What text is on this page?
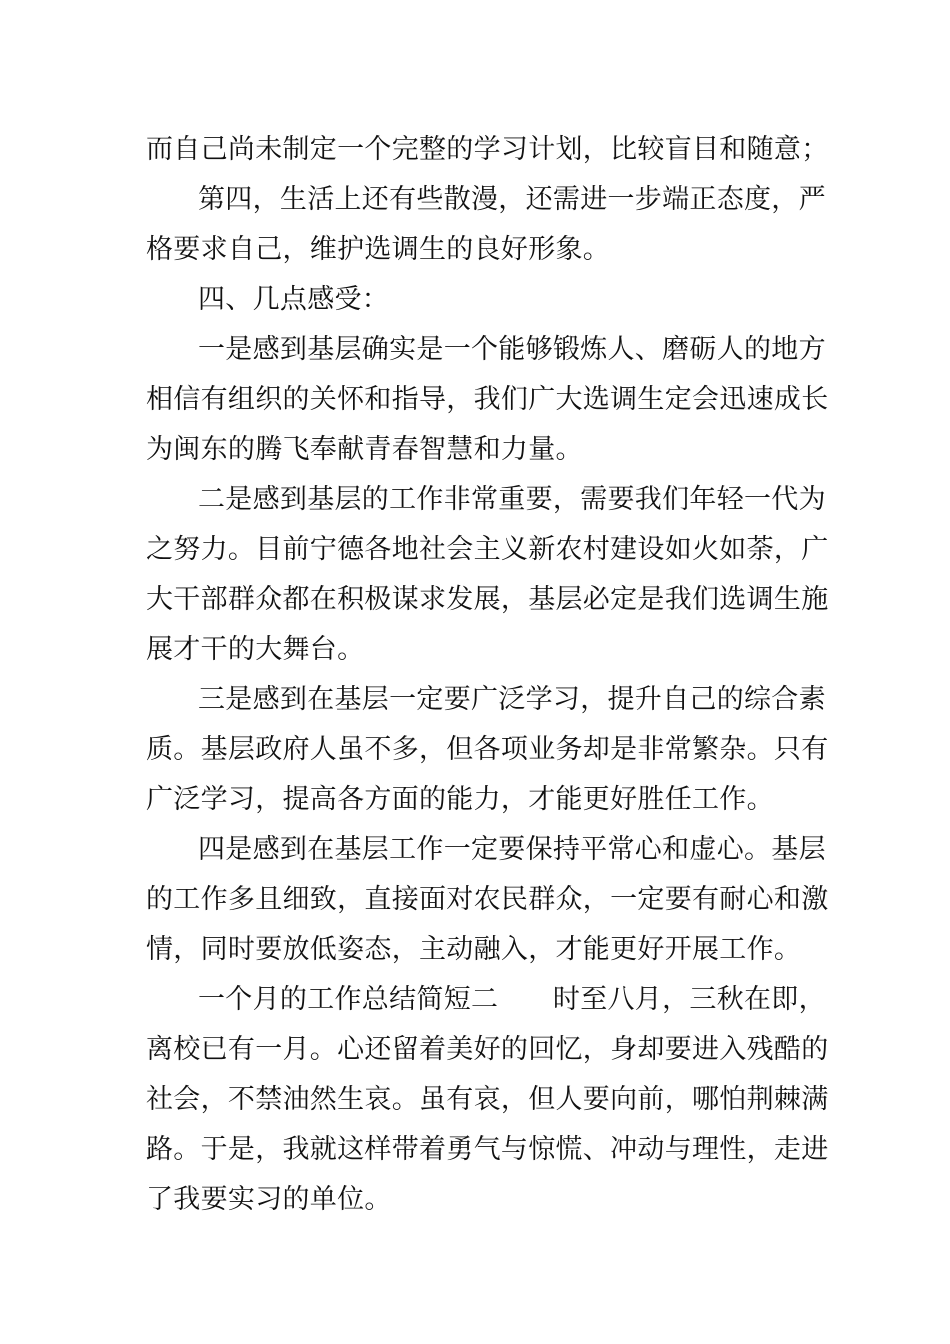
而自己尚未制定一个完整的学习计划，比较盲目和随意；
第四，生活上还有些散漫，还需进一步端正态度，严
格要求自己，维护选调生的良好形象。
四、几点感受：
一是感到基层确实是一个能够锻炼人、磨砺人的地方
相信有组织的关怀和指导，我们广大选调生定会迅速成长
为闽东的腾飞奉献青春智慧和力量。
二是感到基层的工作非常重要，需要我们年轻一代为
之努力。目前宁德各地社会主义新农村建设如火如荼，广
大干部群众都在积极谋求发展，基层必定是我们选调生施
展才干的大舞台。
三是感到在基层一定要广泛学习，提升自己的综合素
质。基层政府人虽不多，但各项业务却是非常繁杂。只有
广泛学习，提高各方面的能力，才能更好胜任工作。
四是感到在基层工作一定要保持平常心和虚心。基层
的工作多且细致，直接面对农民群众，一定要有耐心和激
情，同时要放低姿态，主动融入，才能更好开展工作。
一个月的工作总结简短二　　时至八月，三秋在即，
离校已有一月。心还留着美好的回忆，身却要进入残酷的
社会，不禁油然生哀。虽有哀，但人要向前，哪怕荆棘满
路。于是，我就这样带着勇气与惊慌、冲动与理性，走进
了我要实习的单位。
